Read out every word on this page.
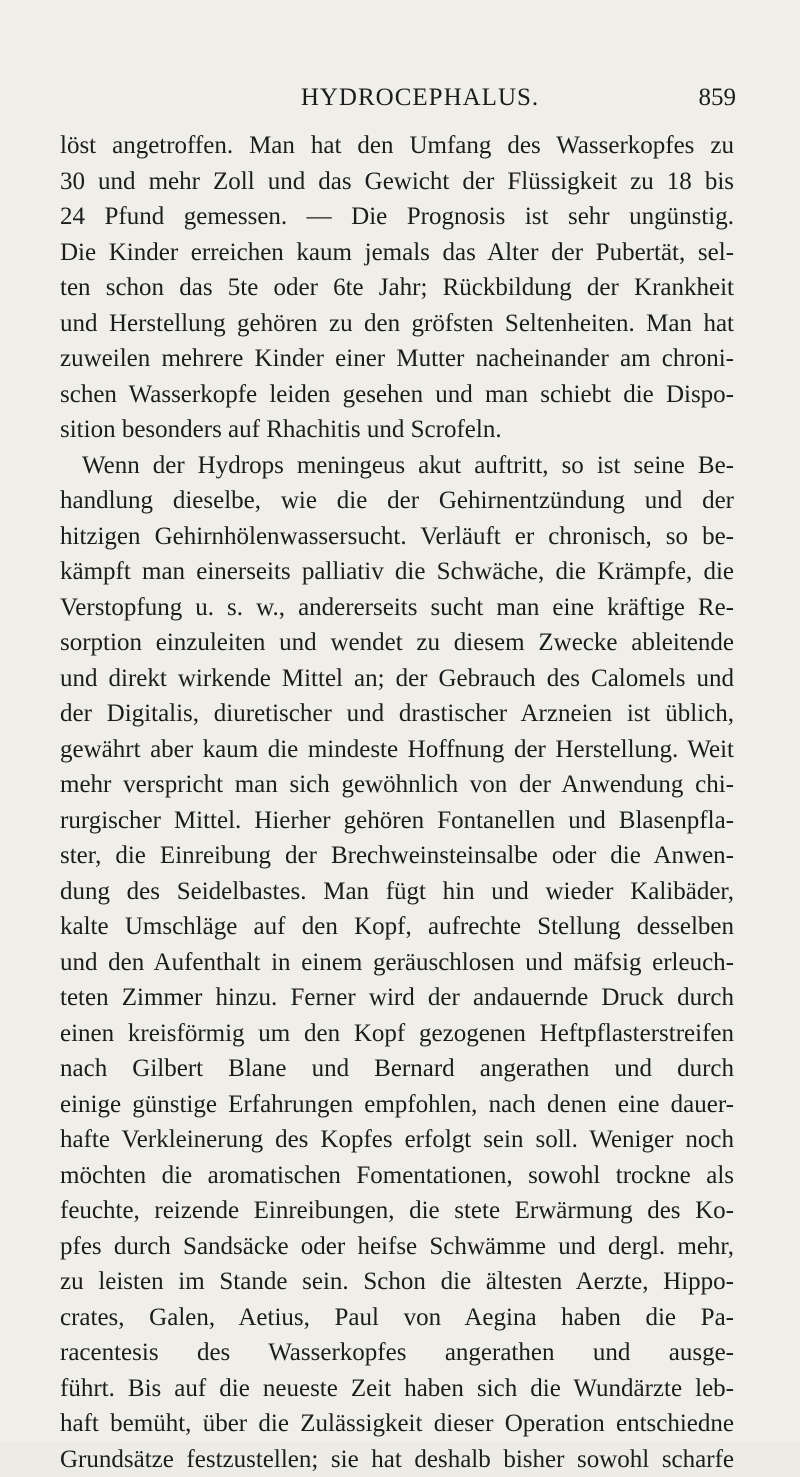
HYDROCEPHALUS.	859
löst angetroffen. Man hat den Umfang des Wasserkopfes zu
30 und mehr Zoll und das Gewicht der Flüssigkeit zu 18 bis
24 Pfund gemessen. — Die Prognosis ist sehr ungünstig.
Die Kinder erreichen kaum jemals das Alter der Pubertät, sel-
ten schon das 5te oder 6te Jahr; Rückbildung der Krankheit
und Herstellung gehören zu den gröfsten Seltenheiten. Man hat
zuweilen mehrere Kinder einer Mutter nacheinander am chroni-
schen Wasserkopfe leiden gesehen und man schiebt die Dispo-
sition besonders auf Rhachitis und Scrofeln.
Wenn der Hydrops meningeus akut auftritt, so ist seine Be-
handlung dieselbe, wie die der Gehirnentzündung und der
hitzigen Gehirnhölenwassersucht. Verläuft er chronisch, so be-
kämpft man einerseits palliativ die Schwäche, die Krämpfe, die
Verstopfung u. s. w., andererseits sucht man eine kräftige Re-
sorption einzuleiten und wendet zu diesem Zwecke ableitende
und direkt wirkende Mittel an; der Gebrauch des Calomels und
der Digitalis, diuretischer und drastischer Arzneien ist üblich,
gewährt aber kaum die mindeste Hoffnung der Herstellung. Weit
mehr verspricht man sich gewöhnlich von der Anwendung chi-
rurgischer Mittel. Hierher gehören Fontanellen und Blasenpfla-
ster, die Einreibung der Brechweinsteinsalbe oder die Anwen-
dung des Seidelbastes. Man fügt hin und wieder Kalibäder,
kalte Umschläge auf den Kopf, aufrechte Stellung desselben
und den Aufenthalt in einem geräuschlosen und mäfsig erleuch-
teten Zimmer hinzu. Ferner wird der andauernde Druck durch
einen kreisförmig um den Kopf gezogenen Heftpflasterstreifen
nach Gilbert Blane und Bernard angerathen und durch
einige günstige Erfahrungen empfohlen, nach denen eine dauer-
hafte Verkleinerung des Kopfes erfolgt sein soll. Weniger noch
möchten die aromatischen Fomentationen, sowohl trockne als
feuchte, reizende Einreibungen, die stete Erwärmung des Ko-
pfes durch Sandsäcke oder heifse Schwämme und dergl. mehr,
zu leisten im Stande sein. Schon die ältesten Aerzte, Hippo-
crates, Galen, Aetius, Paul von Aegina haben die Pa-
racentesis des Wasserkopfes angerathen und ausge-
führt. Bis auf die neueste Zeit haben sich die Wundärzte leb-
haft bemüht, über die Zulässigkeit dieser Operation entschiedne
Grundsätze festzustellen; sie hat deshalb bisher sowohl scharfe
